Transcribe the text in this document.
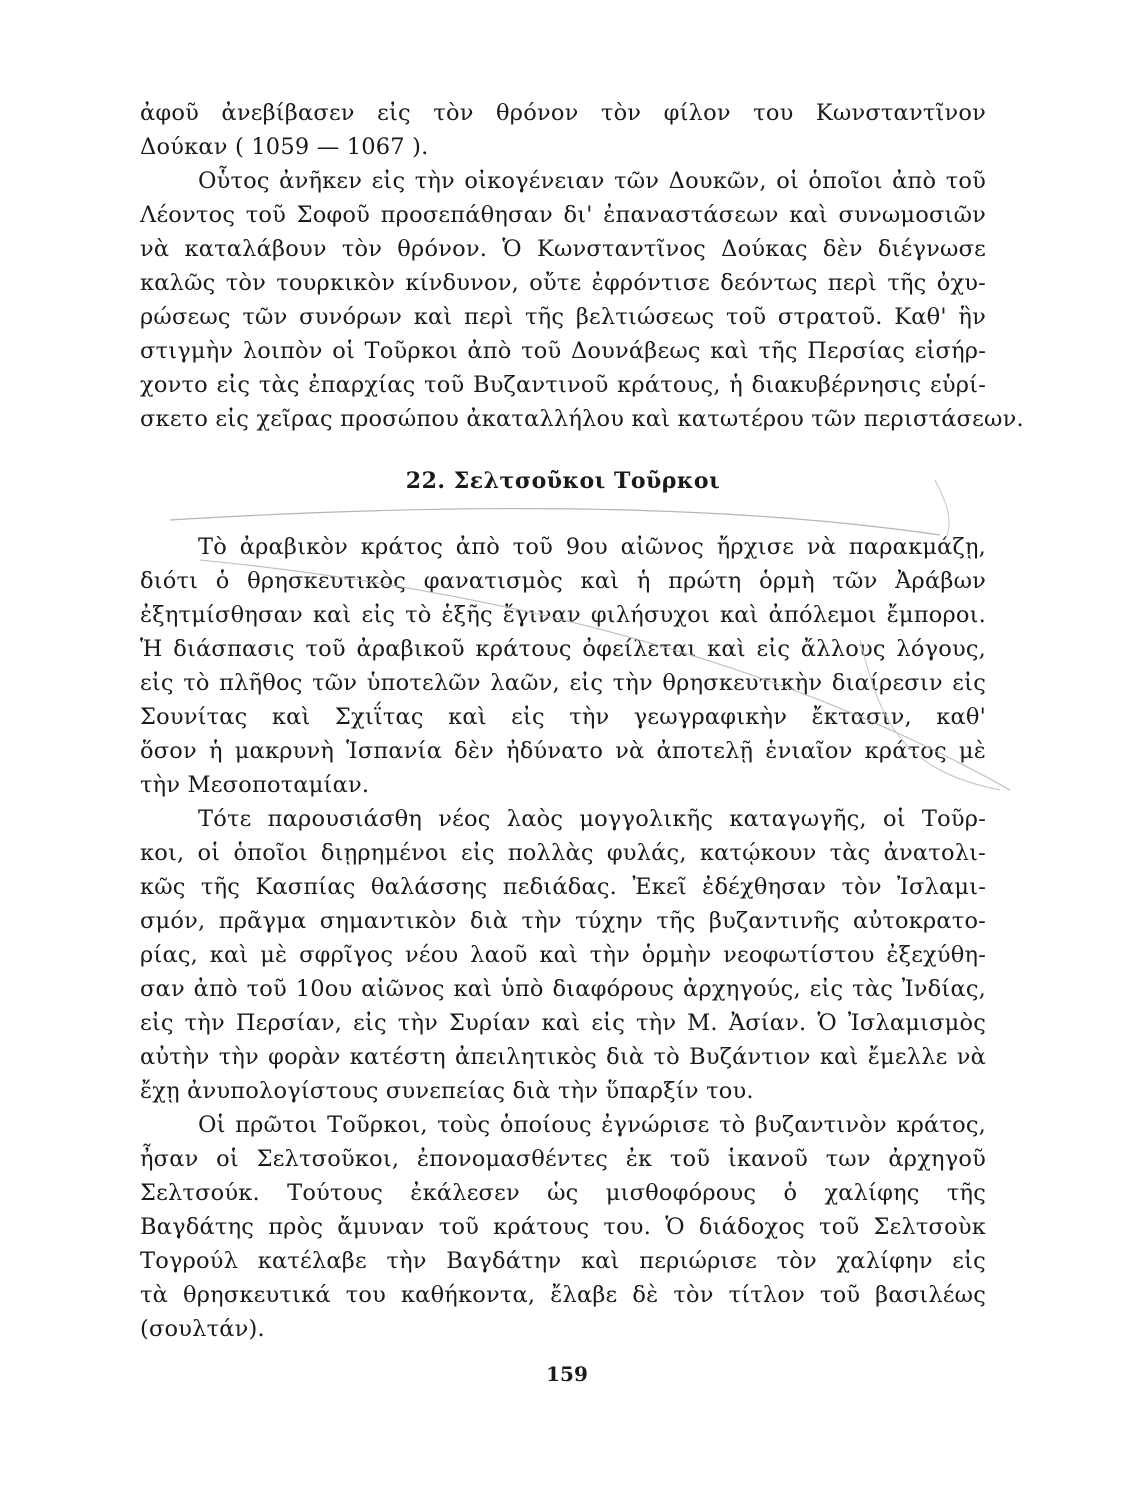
ἀφοῦ ἀνεβίβασεν εἰς τὸν θρόνον τὸν φίλον του Κωνσταντῖνον
Δούκαν ( 1059 — 1067 ).
Οὗτος ἀνῆκεν εἰς τὴν οἰκογένειαν τῶν Δουκῶν, οἱ ὁποῖοι ἀπὸ τοῦ
Λέοντος τοῦ Σοφοῦ προσεπάθησαν δι' ἐπαναστάσεων καὶ συνωμοσιῶν
νὰ καταλάβουν τὸν θρόνον. Ὁ Κωνσταντῖνος Δούκας δὲν διέγνωσε
καλῶς τὸν τουρκικὸν κίνδυνον, οὔτε ἐφρόντισε δεόντως περὶ τῆς ὀχυ-
ρώσεως τῶν συνόρων καὶ περὶ τῆς βελτιώσεως τοῦ στρατοῦ. Καθ' ἣν
στιγμὴν λοιπὸν οἱ Τοῦρκοι ἀπὸ τοῦ Δουνάβεως καὶ τῆς Περσίας εἰσήρ-
χοντο εἰς τὰς ἐπαρχίας τοῦ Βυζαντινοῦ κράτους, ἡ διακυβέρνησις εὑρί-
σκετο εἰς χεῖρας προσώπου ἀκαταλλήλου καὶ κατωτέρου τῶν περιστάσεων.
22. Σελτσοῦκοι Τοῦρκοι
Τὸ ἀραβικὸν κράτος ἀπὸ τοῦ 9ου αἰῶνος ἤρχισε νὰ παρακμάζῃ,
διότι ὁ θρησκευτικὸς φανατισμὸς καὶ ἡ πρώτη ὁρμὴ τῶν Ἀράβων
ἐξητμίσθησαν καὶ εἰς τὸ ἑξῆς ἔγιναν φιλήσυχοι καὶ ἀπόλεμοι ἔμποροι.
Ἡ διάσπασις τοῦ ἀραβικοῦ κράτους ὀφείλεται καὶ εἰς ἄλλους λόγους,
εἰς τὸ πλῆθος τῶν ὑποτελῶν λαῶν, εἰς τὴν θρησκευτικὴν διαίρεσιν εἰς
Σουνίτας καὶ Σχιΐτας καὶ εἰς τὴν γεωγραφικὴν ἔκτασιν, καθ'
ὅσον ἡ μακρυνὴ Ἱσπανία δὲν ἠδύνατο νὰ ἀποτελῇ ἑνιαῖον κράτος μὲ
τὴν Μεσοποταμίαν.
Τότε παρουσιάσθη νέος λαὸς μογγολικῆς καταγωγῆς, οἱ Τοῦρ-
κοι, οἱ ὁποῖοι διῃρημένοι εἰς πολλὰς φυλάς, κατῴκουν τὰς ἀνατολι-
κῶς τῆς Κασπίας θαλάσσης πεδιάδας. Ἐκεῖ ἐδέχθησαν τὸν Ἰσλαμι-
σμόν, πρᾶγμα σημαντικὸν διὰ τὴν τύχην τῆς βυζαντινῆς αὐτοκρατο-
ρίας, καὶ μὲ σφρῖγος νέου λαοῦ καὶ τὴν ὁρμὴν νεοφωτίστου ἐξεχύθη-
σαν ἀπὸ τοῦ 10ου αἰῶνος καὶ ὑπὸ διαφόρους ἀρχηγούς, εἰς τὰς Ἰνδίας,
εἰς τὴν Περσίαν, εἰς τὴν Συρίαν καὶ εἰς τὴν Μ. Ἀσίαν. Ὁ Ἰσλαμισμὸς
αὐτὴν τὴν φορὰν κατέστη ἀπειλητικὸς διὰ τὸ Βυζάντιον καὶ ἔμελλε νὰ
ἔχῃ ἀνυπολογίστους συνεπείας διὰ τὴν ὕπαρξίν του.
Οἱ πρῶτοι Τοῦρκοι, τοὺς ὁποίους ἐγνώρισε τὸ βυζαντινὸν κράτος,
ἦσαν οἱ Σελτσοῦκοι, ἐπονομασθέντες ἐκ τοῦ ἱκανοῦ των ἀρχηγοῦ
Σελτσούκ. Τούτους ἐκάλεσεν ὡς μισθοφόρους ὁ χαλίφης τῆς
Βαγδάτης πρὸς ἄμυναν τοῦ κράτους του. Ὁ διάδοχος τοῦ Σελτσοὺκ
Τογρούλ κατέλαβε τὴν Βαγδάτην καὶ περιώρισε τὸν χαλίφην εἰς
τὰ θρησκευτικά του καθήκοντα, ἔλαβε δὲ τὸν τίτλον τοῦ βασιλέως
(σουλτάν).
159
